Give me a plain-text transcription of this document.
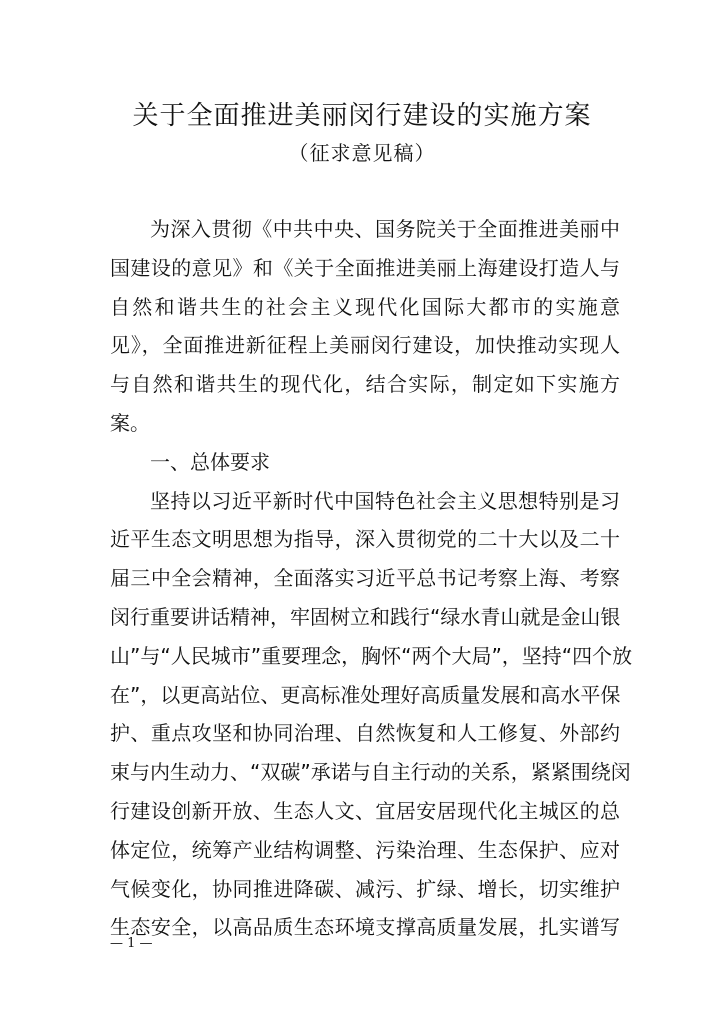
关于全面推进美丽闵行建设的实施方案
（征求意见稿）
为深入贯彻《中共中央、国务院关于全面推进美丽中
国建设的意见》和《关于全面推进美丽上海建设打造人与
自然和谐共生的社会主义现代化国际大都市的实施意
见》，全面推进新征程上美丽闵行建设，加快推动实现人
与自然和谐共生的现代化，结合实际，制定如下实施方
案。
一、总体要求
坚持以习近平新时代中国特色社会主义思想特别是习
近平生态文明思想为指导，深入贯彻党的二十大以及二十
届三中全会精神，全面落实习近平总书记考察上海、考察
闵行重要讲话精神，牢固树立和践行“绿水青山就是金山银
山”与“人民城市”重要理念，胸怀“两个大局”，坚持“四个放
在”，以更高站位、更高标准处理好高质量发展和高水平保
护、重点攻坚和协同治理、自然恢复和人工修复、外部约
束与内生动力、“双碳”承诺与自主行动的关系，紧紧围绕闵
行建设创新开放、生态人文、宜居安居现代化主城区的总
体定位，统筹产业结构调整、污染治理、生态保护、应对
气候变化，协同推进降碳、减污、扩绿、增长，切实维护
生态安全，以高品质生态环境支撑高质量发展，扎实谱写
— 1 —
